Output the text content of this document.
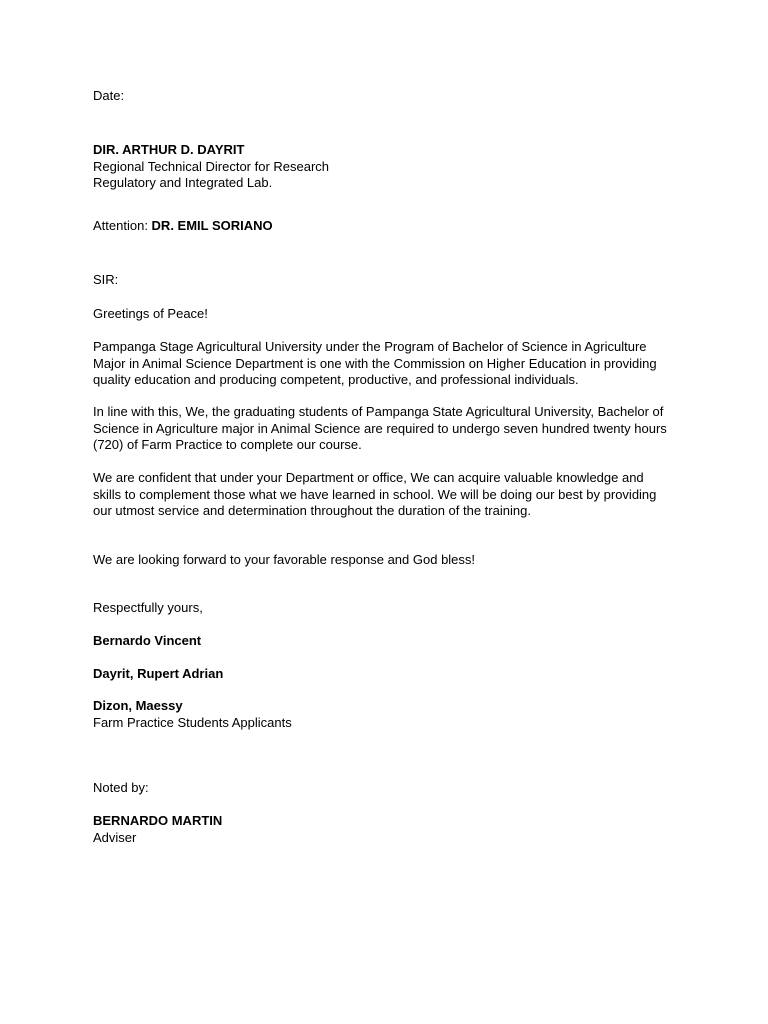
Date:
DIR. ARTHUR D. DAYRIT
Regional Technical Director for Research
Regulatory and Integrated Lab.
Attention: DR. EMIL SORIANO
SIR:
Greetings of Peace!
Pampanga Stage Agricultural University under the Program of Bachelor of Science in Agriculture
Major in Animal Science Department is one with the Commission on Higher Education in providing
quality education and producing competent, productive, and professional individuals.
In line with this, We, the graduating students of Pampanga State Agricultural University, Bachelor of
Science in Agriculture major in Animal Science are required to undergo seven hundred twenty hours
(720) of Farm Practice to complete our course.
We are confident that under your Department or office, We can acquire valuable knowledge and
skills to complement those what we have learned in school. We will be doing our best by providing
our utmost service and determination throughout the duration of the training.
We are looking forward to your favorable response and God bless!
Respectfully yours,
Bernardo Vincent
Dayrit, Rupert Adrian
Dizon, Maessy
Farm Practice Students Applicants
Noted by:
BERNARDO MARTIN
Adviser
